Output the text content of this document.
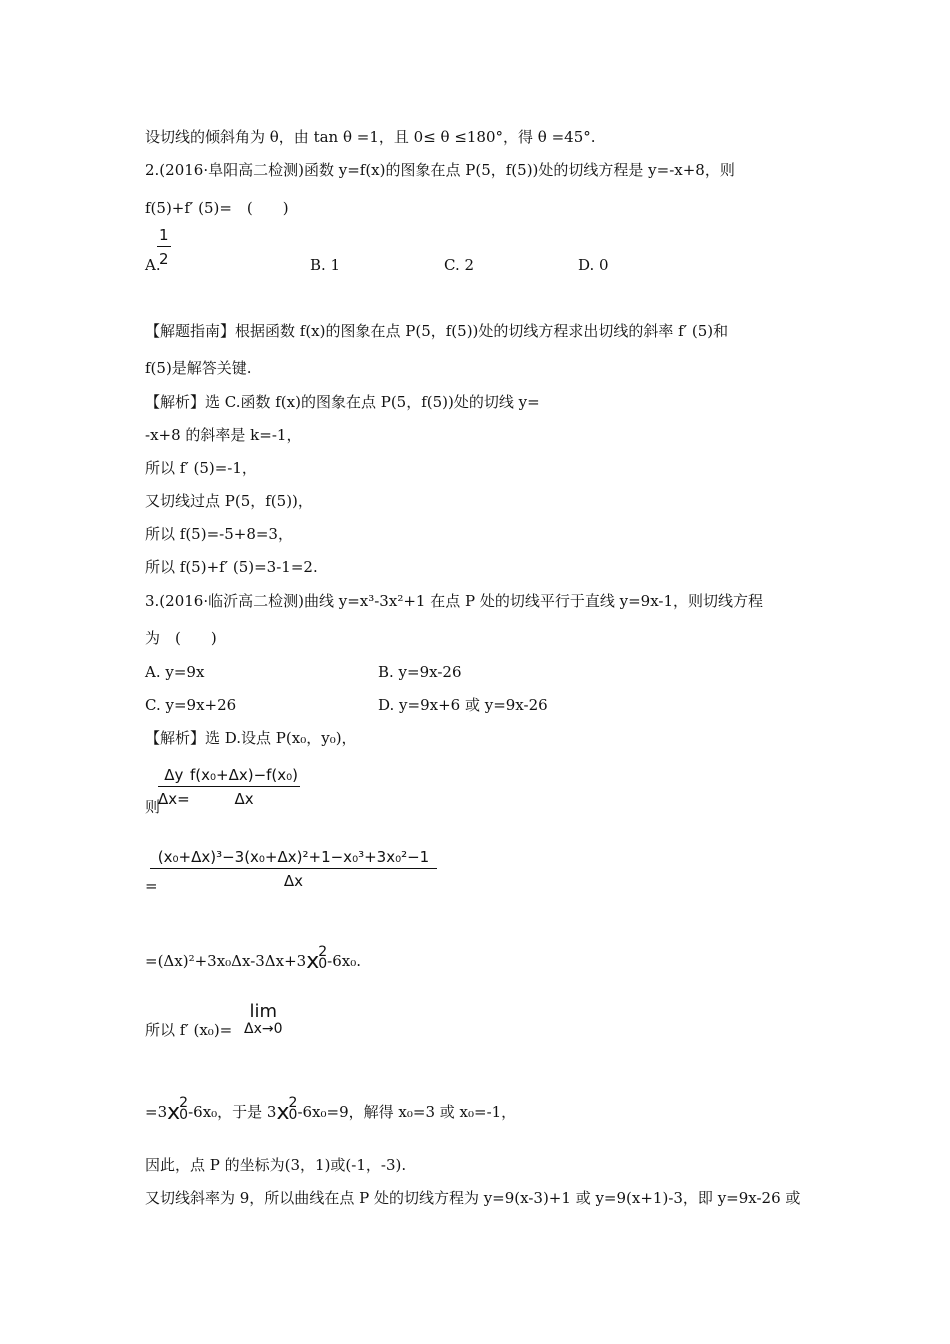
设切线的倾斜角为 θ，由 tan θ =1，且 0≤ θ ≤180°，得 θ =45°.
2.(2016·阜阳高二检测)函数 y=f(x)的图象在点 P(5，f(5))处的切线方程是 y=-x+8，则
f(5)+f′ (5)=　(　　)
A.
$\frac{1}{2}$	B. 1	C. 2	D. 0
【解题指南】根据函数 f(x)的图象在点 P(5，f(5))处的切线方程求出切线的斜率 f′ (5)和
f(5)是解答关键.
【解析】选 C.函数 f(x)的图象在点 P(5，f(5))处的切线 y=
-x+8 的斜率是 k=-1，
所以 f′ (5)=-1，
又切线过点 P(5，f(5))，
所以 f(5)=-5+8=3，
所以 f(5)+f′ (5)=3-1=2.
3.(2016·临沂高二检测)曲线 y=x³-3x²+1 在点 P 处的切线平行于直线 y=9x-1，则切线方程
为　(　　)
A. y=9x	B. y=9x-26
C. y=9x+26	D. y=9x+6 或 y=9x-26
【解析】选 D.设点 P(x₀，y₀)，
则
$\frac{\Delta y}{\Delta x=}$
$\frac{\text{f(x₀+Δx)−f(x₀)}}{\Delta x}$
=
$\frac{\text{(x₀+Δx)³−3(x₀+Δx)²+1−x₀³+3x₀²−1}}{\Delta x}$
=(Δx)²+3x₀Δx-3Δx+3x 2
0 -6x₀.
所以 f′ (x₀)=
lim
Δx→0
=3x 2
0 -6x₀，于是 3x 2
0 -6x₀=9，解得 x₀=3 或 x₀=-1，
因此，点 P 的坐标为(3，1)或(-1，-3).
又切线斜率为 9，所以曲线在点 P 处的切线方程为 y=9(x-3)+1 或 y=9(x+1)-3，即 y=9x-26 或
